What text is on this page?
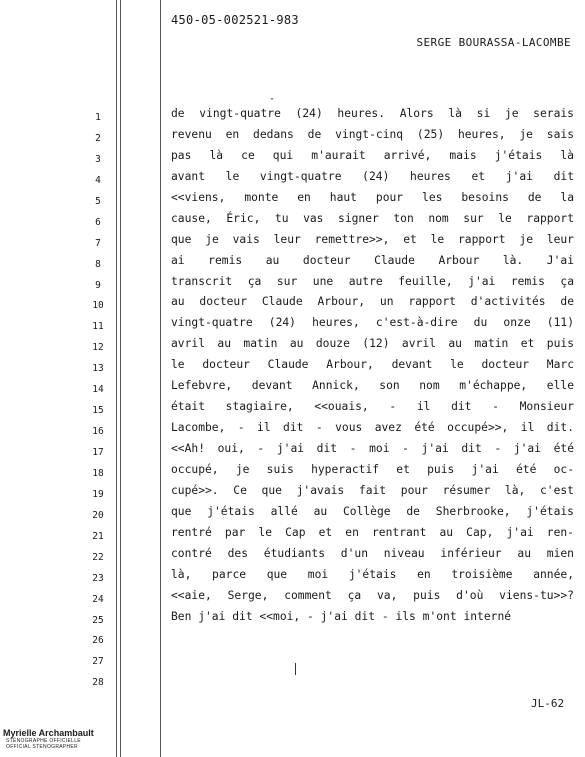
450-05-002521-983
SERGE BOURASSA-LACOMBE
·
1
2
3
4
5
6
7
8
9
10
11
12
13
14
15
16
17
18
19
20
21
22
23
24
25
26
27
28
de vingt-quatre (24) heures. Alors là si je serais
revenu en dedans de vingt-cinq (25) heures, je sais
pas là ce qui m'aurait arrivé, mais j'étais là
avant le vingt-quatre (24) heures et j'ai dit
<<viens, monte en haut pour les besoins de la
cause, Éric, tu vas signer ton nom sur le rapport
que je vais leur remettre>>, et le rapport je leur
ai remis au docteur Claude Arbour là. J'ai
transcrit ça sur une autre feuille, j'ai remis ça
au docteur Claude Arbour, un rapport d'activités de
vingt-quatre (24) heures, c'est-à-dire du onze (11)
avril au matin au douze (12) avril au matin et puis
le docteur Claude Arbour, devant le docteur Marc
Lefebvre, devant Annick, son nom m'échappe, elle
était stagiaire, <<ouais, - il dit - Monsieur
Lacombe, - il dit - vous avez été occupé>>, il dit.
<<Ah! oui, - j'ai dit - moi - j'ai dit - j'ai été
occupé, je suis hyperactif et puis j'ai été oc-
cupé>>. Ce que j'avais fait pour résumer là, c'est
que j'étais allé au Collège de Sherbrooke, j'étais
rentré par le Cap et en rentrant au Cap, j'ai ren-
contré des étudiants d'un niveau inférieur au mien
là, parce que moi j'étais en troisième année,
<<aie, Serge, comment ça va, puis d'où viens-tu>>?
Ben j'ai dit <<moi, - j'ai dit - ils m'ont interné
JL-62
Myrielle Archambault
STÉNOGRAPHE OFFICIELLE
OFFICIAL STENOGRAPHER
